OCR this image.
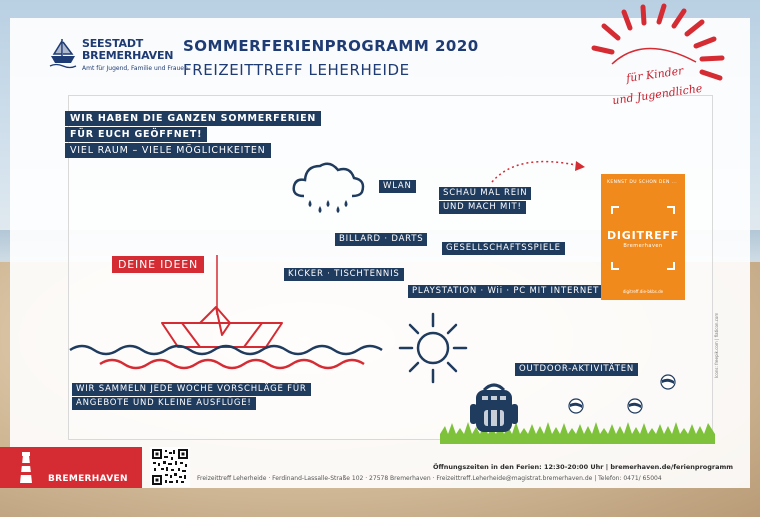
SEESTADT
BREMERHAVEN
Amt für Jugend, Familie und Frauen
SOMMERFERIENPROGRAMM 2020
FREIZEITTREFF LEHERHEIDE	für Kinder
und Jugendliche
WIR HABEN DIE GANZEN SOMMERFERIEN
FÜR EUCH GEÖFFNET!
VIEL RAUM – VIELE MÖGLICHKEITEN
WLAN
BILLARD · DARTS
KICKER · TISCHTENNIS
SCHAU MAL REIN
UND MACH MIT!
GESELLSCHAFTSSPIELE
PLAYSTATION · Wii · PC MIT INTERNET
OUTDOOR-AKTIVITÄTEN
KENNST DU SCHON DEN ...
DIGITREFF
Bremerhaven
digitreff.die-bkbs.de
DEINE IDEEN
WIR SAMMELN JEDE WOCHE VORSCHLÄGE FÜR
ANGEBOTE UND KLEINE AUSFLÜGE!
BREMERHAVEN
Öffnungszeiten in den Ferien: 12:30-20:00 Uhr | bremerhaven.de/ferienprogramm
Freizeittreff Leherheide · Ferdinand-Lassalle-Straße 102 · 27578 Bremerhaven · Freizeittreff.Leherheide@magistrat.bremerhaven.de | Telefon: 0471/ 65004
Icons: freepik.com | flaticon.com
